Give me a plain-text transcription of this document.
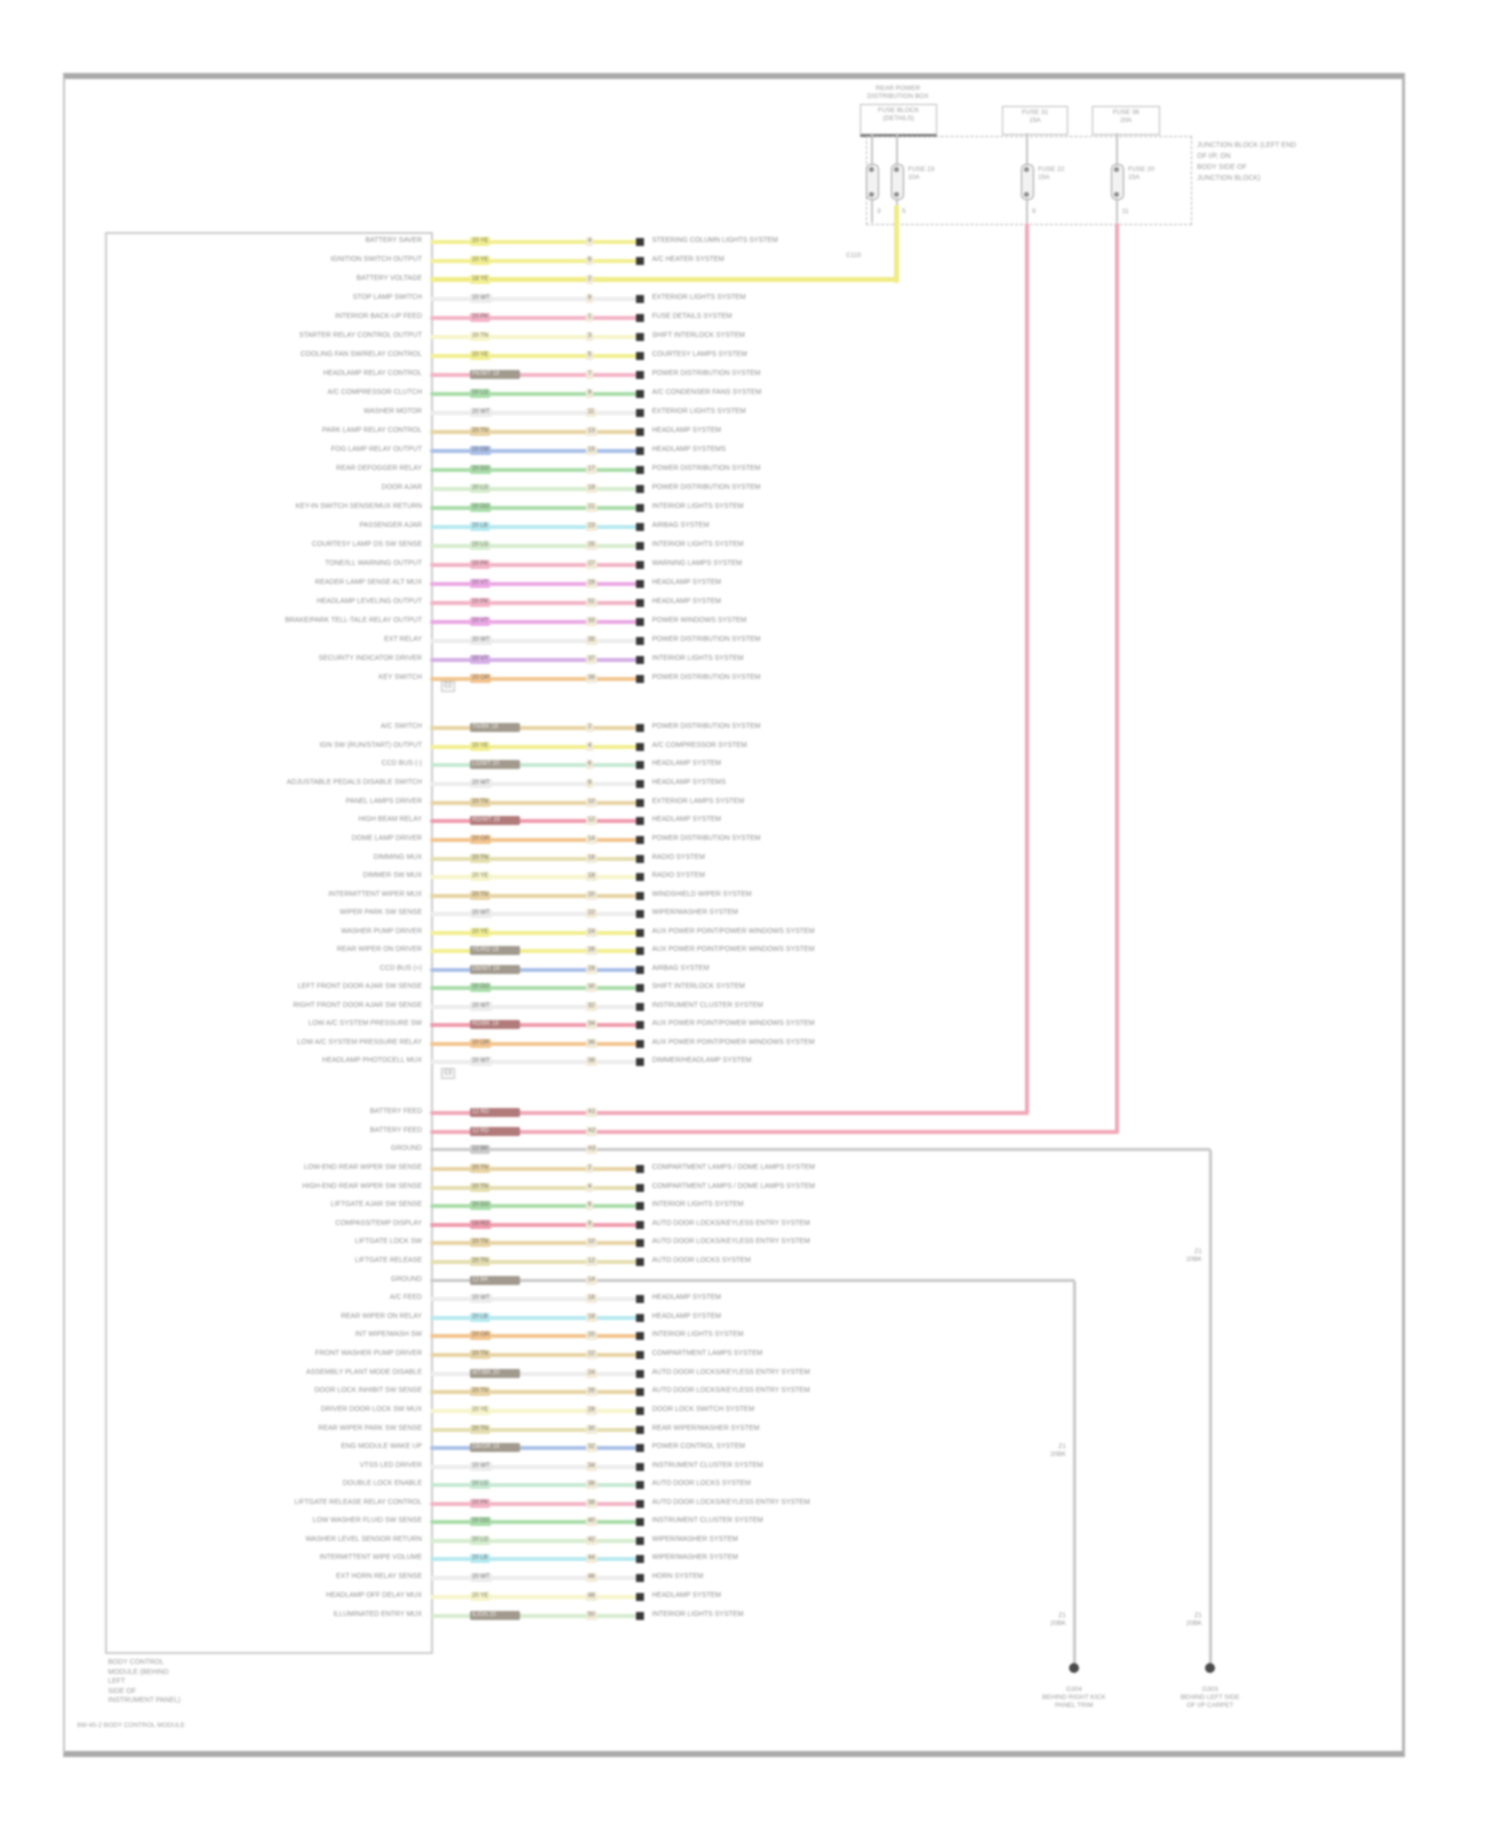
BATTERY SAVER	20 YE	4	STEERING COLUMN LIGHTS SYSTEM
IGNITION SWITCH OUTPUT	20 YE	6	A/C HEATER SYSTEM
BATTERY VOLTAGE	18 YE	2
STOP LAMP SWITCH	20 WT	8	EXTERIOR LIGHTS SYSTEM
INTERIOR BACK-UP FEED	20 PK	1	FUSE DETAILS SYSTEM
STARTER RELAY CONTROL OUTPUT	20 TN	3	SHIFT INTERLOCK SYSTEM
COOLING FAN SW/RELAY CONTROL	20 YE	5	COURTESY LAMPS SYSTEM
HEADLAMP RELAY CONTROL	PK/WT 18	7	POWER DISTRIBUTION SYSTEM
A/C COMPRESSOR CLUTCH	20 LG	9	A/C CONDENSER FANS SYSTEM
WASHER MOTOR	20 WT	11	EXTERIOR LIGHTS SYSTEM
PARK LAMP RELAY CONTROL	20 TN	13	HEADLAMP SYSTEM
FOG LAMP RELAY OUTPUT	20 DB	15	HEADLAMP SYSTEMS
REAR DEFOGGER RELAY	20 DG	17	POWER DISTRIBUTION SYSTEM
DOOR AJAR	20 LG	19	POWER DISTRIBUTION SYSTEM
KEY-IN SWITCH SENSE/MUX RETURN	20 DG	21	INTERIOR LIGHTS SYSTEM
PASSENGER AJAR	20 LB	23	AIRBAG SYSTEM
COURTESY LAMP DS SW SENSE	20 LG	25	INTERIOR LIGHTS SYSTEM
TONE/ILL WARNING OUTPUT	20 PK	27	WARNING LAMPS SYSTEM
READER LAMP SENSE ALT MUX	20 VT	29	HEADLAMP SYSTEM
HEADLAMP LEVELING OUTPUT	20 PK	31	HEADLAMP SYSTEM
BRAKE/PARK TELL-TALE RELAY OUTPUT	20 VT	33	POWER WINDOWS SYSTEM
EXT RELAY	20 WT	35	POWER DISTRIBUTION SYSTEM
SECURITY INDICATOR DRIVER	20 VT	37	INTERIOR LIGHTS SYSTEM
KEY SWITCH	20 OR	39	POWER DISTRIBUTION SYSTEM
A/C SWITCH	TN/BK 18	2	POWER DISTRIBUTION SYSTEM
IGN SW (RUN/START) OUTPUT	20 YE	4	A/C COMPRESSOR SYSTEM
CCD BUS (-)	LG/WT 20	6	HEADLAMP SYSTEM
ADJUSTABLE PEDALS DISABLE SWITCH	20 WT	8	HEADLAMP SYSTEMS
PANEL LAMPS DRIVER	20 TN	10	EXTERIOR LAMPS SYSTEM
HIGH BEAM RELAY	RD/WT 18	12	HEADLAMP SYSTEM
DOME LAMP DRIVER	20 OR	14	POWER DISTRIBUTION SYSTEM
DIMMING MUX	20 TN	16	RADIO SYSTEM
DIMMER SW MUX	20 YE	18	RADIO SYSTEM
INTERMITTENT WIPER MUX	20 TN	20	WINDSHIELD WIPER SYSTEM
WIPER PARK SW SENSE	20 WT	22	WIPER/WASHER SYSTEM
WASHER PUMP DRIVER	20 YE	24	AUX POWER POINT/POWER WINDOWS SYSTEM
REAR WIPER ON DRIVER	YE/RD 18	26	AUX POWER POINT/POWER WINDOWS SYSTEM
CCD BUS (+)	DB/WT 18	28	AIRBAG SYSTEM
LEFT FRONT DOOR AJAR SW SENSE	20 DG	30	SHIFT INTERLOCK SYSTEM
RIGHT FRONT DOOR AJAR SW SENSE	20 WT	32	INSTRUMENT CLUSTER SYSTEM
LOW A/C SYSTEM PRESSURE SW	RD/BK 18	34	AUX POWER POINT/POWER WINDOWS SYSTEM
LOW A/C SYSTEM PRESSURE RELAY	20 OR	36	AUX POWER POINT/POWER WINDOWS SYSTEM
HEADLAMP PHOTOCELL MUX	20 WT	38	DIMMER/HEADLAMP SYSTEM
BATTERY FEED	12 RD	A1
BATTERY FEED	12 RD	A2
GROUND	12 BK	A3
LOW-END REAR WIPER SW SENSE	20 TN	2	COMPARTMENT LAMPS / DOME LAMPS SYSTEM
HIGH-END REAR WIPER SW SENSE	20 TN	4	COMPARTMENT LAMPS / DOME LAMPS SYSTEM
LIFTGATE AJAR SW SENSE	20 DG	6	INTERIOR LIGHTS SYSTEM
COMPASS/TEMP DISPLAY	18 RD	8	AUTO DOOR LOCKS/KEYLESS ENTRY SYSTEM
LIFTGATE LOCK SW	20 TN	10	AUTO DOOR LOCKS/KEYLESS ENTRY SYSTEM
LIFTGATE RELEASE	20 TN	12	AUTO DOOR LOCKS SYSTEM
GROUND	12 BK	14
A/C FEED	20 WT	16	HEADLAMP SYSTEM
REAR WIPER ON RELAY	20 LB	18	HEADLAMP SYSTEM
INT WIPE/WASH SW	20 OR	20	INTERIOR LIGHTS SYSTEM
FRONT WASHER PUMP DRIVER	20 TN	22	COMPARTMENT LAMPS SYSTEM
ASSEMBLY PLANT MODE DISABLE	WT/BK 20	24	AUTO DOOR LOCKS/KEYLESS ENTRY SYSTEM
DOOR LOCK INHIBIT SW SENSE	20 TN	26	AUTO DOOR LOCKS/KEYLESS ENTRY SYSTEM
DRIVER DOOR LOCK SW MUX	20 YE	28	DOOR LOCK SWITCH SYSTEM
REAR WIPER PARK SW SENSE	20 TN	30	REAR WIPER/WASHER SYSTEM
ENG MODULE WAKE UP	DB/OR 18	32	POWER CONTROL SYSTEM
VTSS LED DRIVER	20 WT	34	INSTRUMENT CLUSTER SYSTEM
DOUBLE LOCK ENABLE	20 LG	36	AUTO DOOR LOCKS SYSTEM
LIFTGATE RELEASE RELAY CONTROL	20 PK	38	AUTO DOOR LOCKS/KEYLESS ENTRY SYSTEM
LOW WASHER FLUID SW SENSE	20 DG	40	INSTRUMENT CLUSTER SYSTEM
WASHER LEVEL SENSOR RETURN	20 LG	42	WIPER/WASHER SYSTEM
INTERMITTENT WIPE VOLUME	20 LB	44	WIPER/WASHER SYSTEM
EXT HORN RELAY SENSE	20 WT	46	HORN SYSTEM
HEADLAMP OFF DELAY MUX	20 YE	48	HEADLAMP SYSTEM
ILLUMINATED ENTRY MUX	IL/GN 20	50	INTERIOR LIGHTS SYSTEM
REAR POWER
DISTRIBUTION BOX
FUSE BLOCK
(DETAILS)
FUSE 31
15A
FUSE 36
20A
JUNCTION BLOCK (LEFT END
OF I/P, ON
BODY SIDE OF
JUNCTION BLOCK)
FUSE 23
10A
FUSE 22
15A
FUSE 20
15A
3	5	9	11
C115
Z1
20BK
Z1
20BK
G303
BEHIND LEFT SIDE
OF I/P CARPET
Z1
20BK
Z1
20BK
G304
BEHIND RIGHT KICK
PANEL TRIM
C2
C3
BODY CONTROL
MODULE (BEHIND
LEFT
SIDE OF
INSTRUMENT PANEL)
8W-45-2 BODY CONTROL MODULE
